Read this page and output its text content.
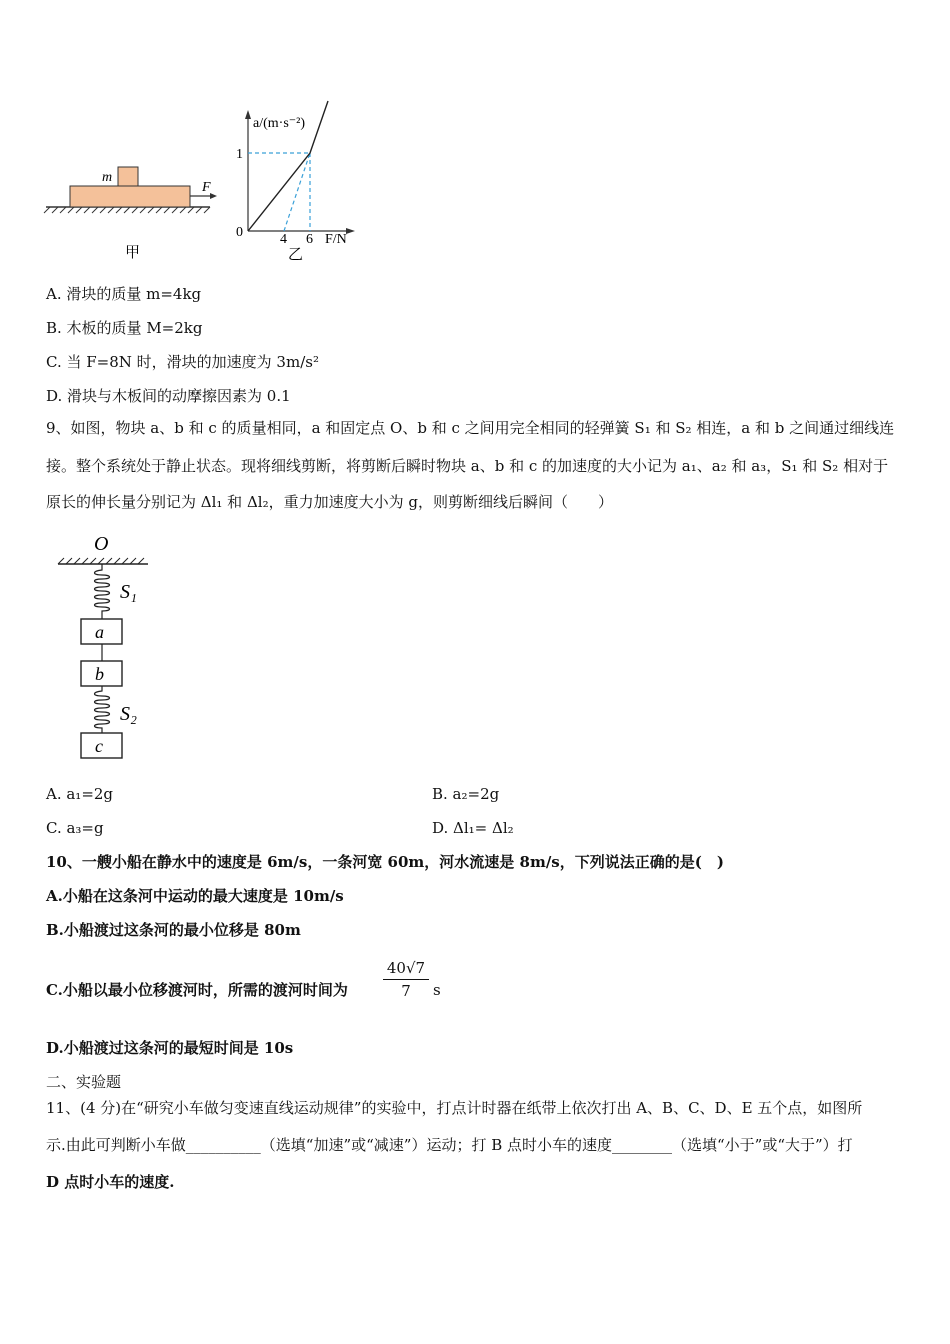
m
F
甲
a/(m·s⁻²)
1
0	4 6 F/N
乙
A. 滑块的质量 m=4kg
B. 木板的质量 M=2kg
C. 当 F=8N 时，滑块的加速度为 3m/s²
D. 滑块与木板间的动摩擦因素为 0.1
9、如图，物块 a、b 和 c 的质量相同，a 和固定点 O、b 和 c 之间用完全相同的轻弹簧 S₁ 和 S₂ 相连，a 和 b 之间通过细线连
接。整个系统处于静止状态。现将细线剪断，将剪断后瞬时物块 a、b 和 c 的加速度的大小记为 a₁、a₂ 和 a₃，S₁ 和 S₂ 相对于
原长的伸长量分别记为 Δl₁ 和 Δl₂，重力加速度大小为 g，则剪断细线后瞬间（　　）
O
S₁
a
b
S₂
c
A. a₁=2g	B. a₂=2g
C. a₃=g	D. Δl₁= Δl₂
10、一艘小船在静水中的速度是 6m/s，一条河宽 60m，河水流速是 8m/s，下列说法正确的是(　)
A.小船在这条河中运动的最大速度是 10m/s
B.小船渡过这条河的最小位移是 80m
C.小船以最小位移渡河时，所需的渡河时间为
40√7
7	s
D.小船渡过这条河的最短时间是 10s
二、实验题
11、(4 分)在“研究小车做匀变速直线运动规律”的实验中，打点计时器在纸带上依次打出 A、B、C、D、E 五个点，如图所
示.由此可判断小车做__________（选填“加速”或“减速”）运动；打 B 点时小车的速度________（选填“小于”或“大于”）打
D 点时小车的速度.
